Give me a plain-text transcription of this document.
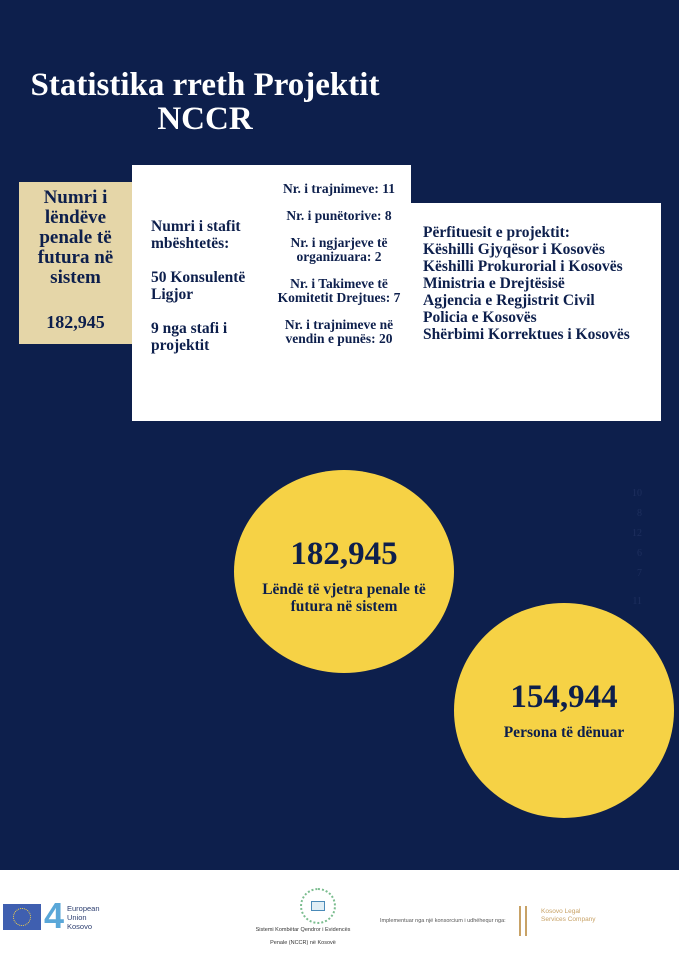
Statistika rreth Projektit
NCCR
Numri i lëndëve penale të futura në sistem
182,945
Numri i stafit mbështetës:
50 Konsulentë Ligjor
9 nga stafi i projektit
Nr. i trajnimeve: 11
Nr. i punëtorive: 8
Nr. i ngjarjeve të organizuara: 2
Nr. i Takimeve të Komitetit Drejtues: 7
Nr. i trajnimeve në vendin e punës: 20
Përfituesit e projektit:
Këshilli Gjyqësor i Kosovës
Këshilli Prokurorial i Kosovës
Ministria e Drejtësisë
Agjencia e Regjistrit Civil
Policia e Kosovës
Shërbimi Korrektues i Kosovës
10
8
12
6
7
11
182,945
Lëndë të vjetra penale të futura në sistem
154,944
Persona të dënuar
4 European
Union
Kosovo	Sistemi Kombëtar Qendror i Evidencës
Penale (NCCR) në Kosovë
Implementuar nga një konsorcium i udhëhequr nga:
Kosovo Legal
Services Company
